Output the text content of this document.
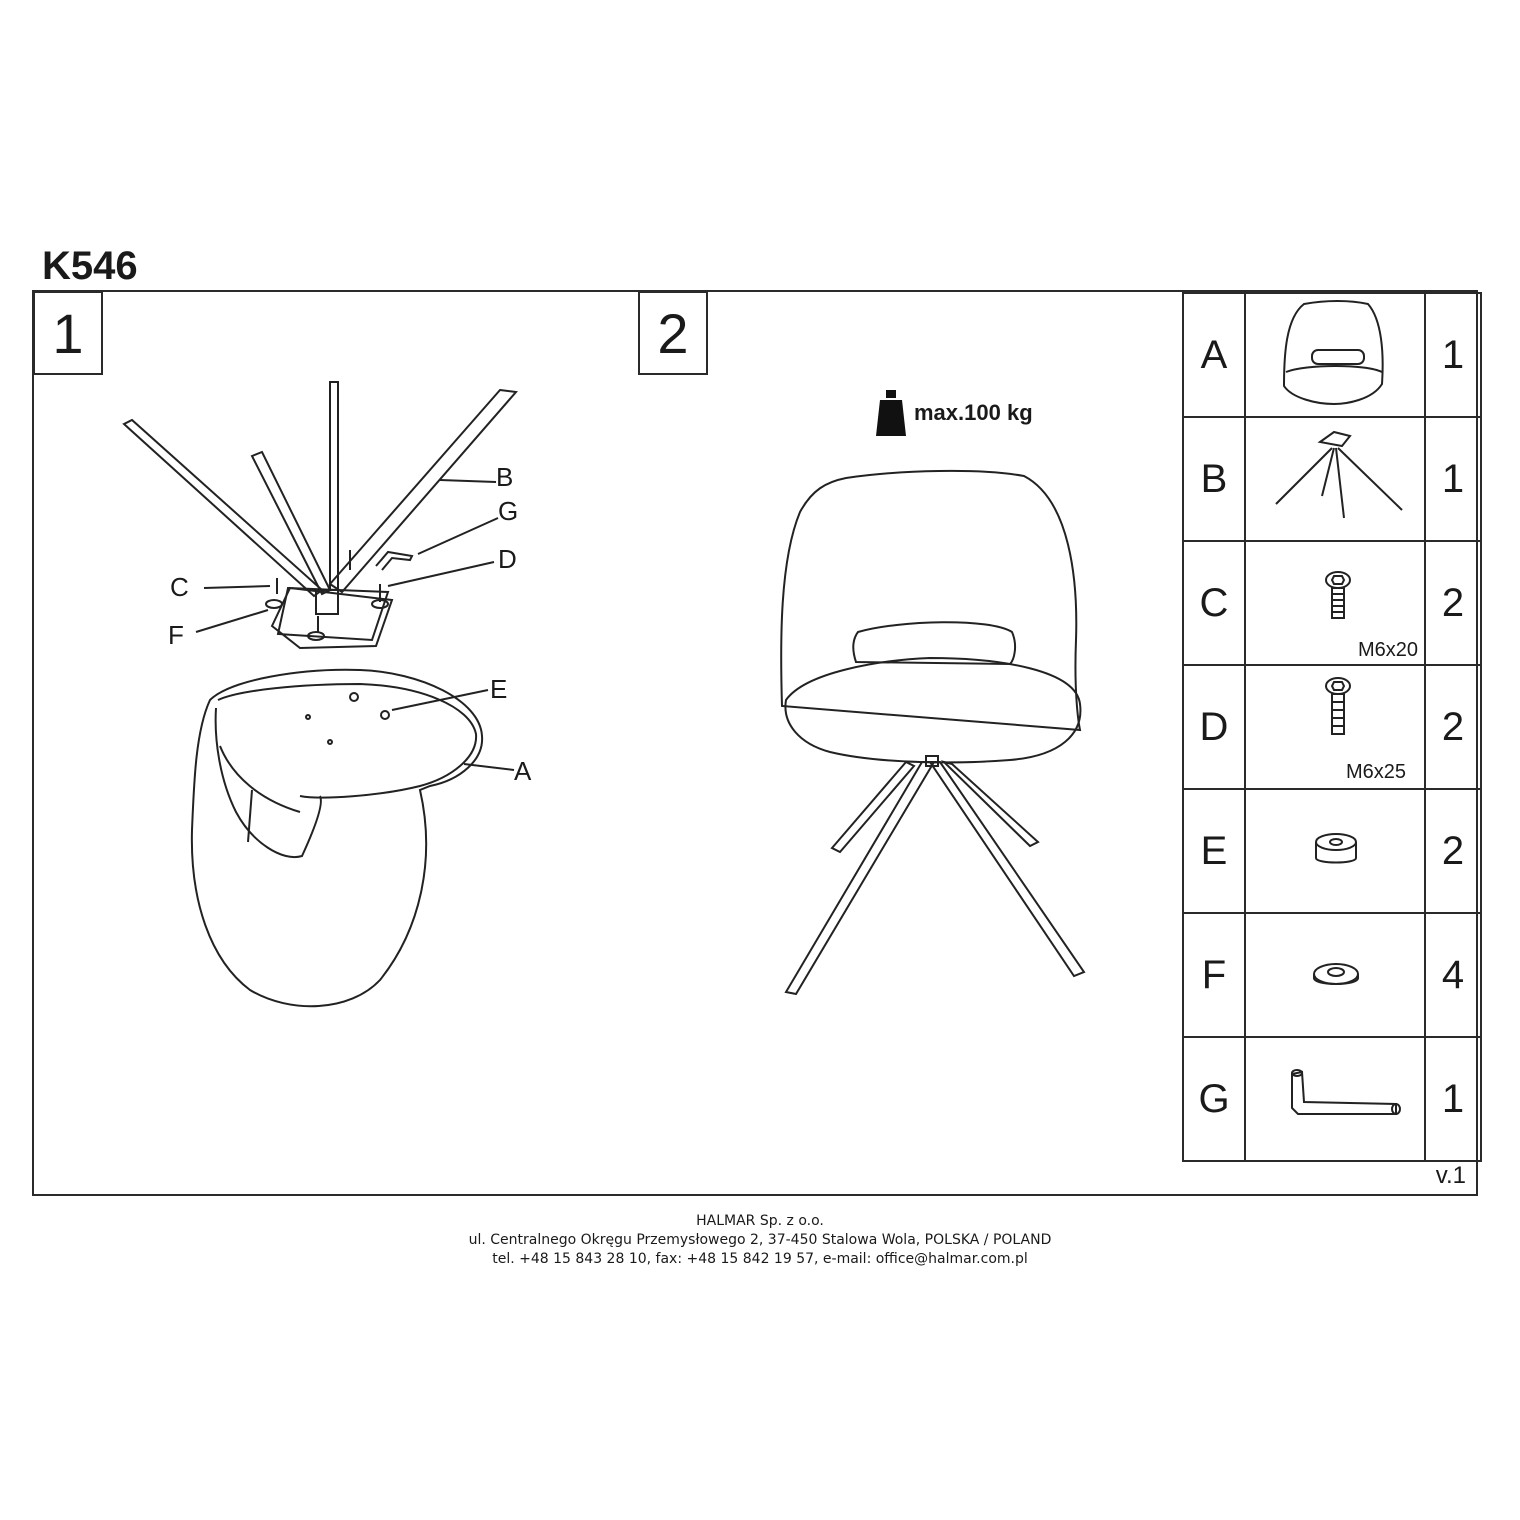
K546
1
B
G
D
C
F
E
A
2
max.100 kg
A		1
B		1
C	M6x20	2
D	M6x25	2
E		2
F		4
G		1
v.1
HALMAR Sp. z o.o.
ul. Centralnego Okręgu Przemysłowego 2, 37-450 Stalowa Wola, POLSKA / POLAND
tel. +48 15 843 28 10, fax: +48 15 842 19 57, e-mail: office@halmar.com.pl
